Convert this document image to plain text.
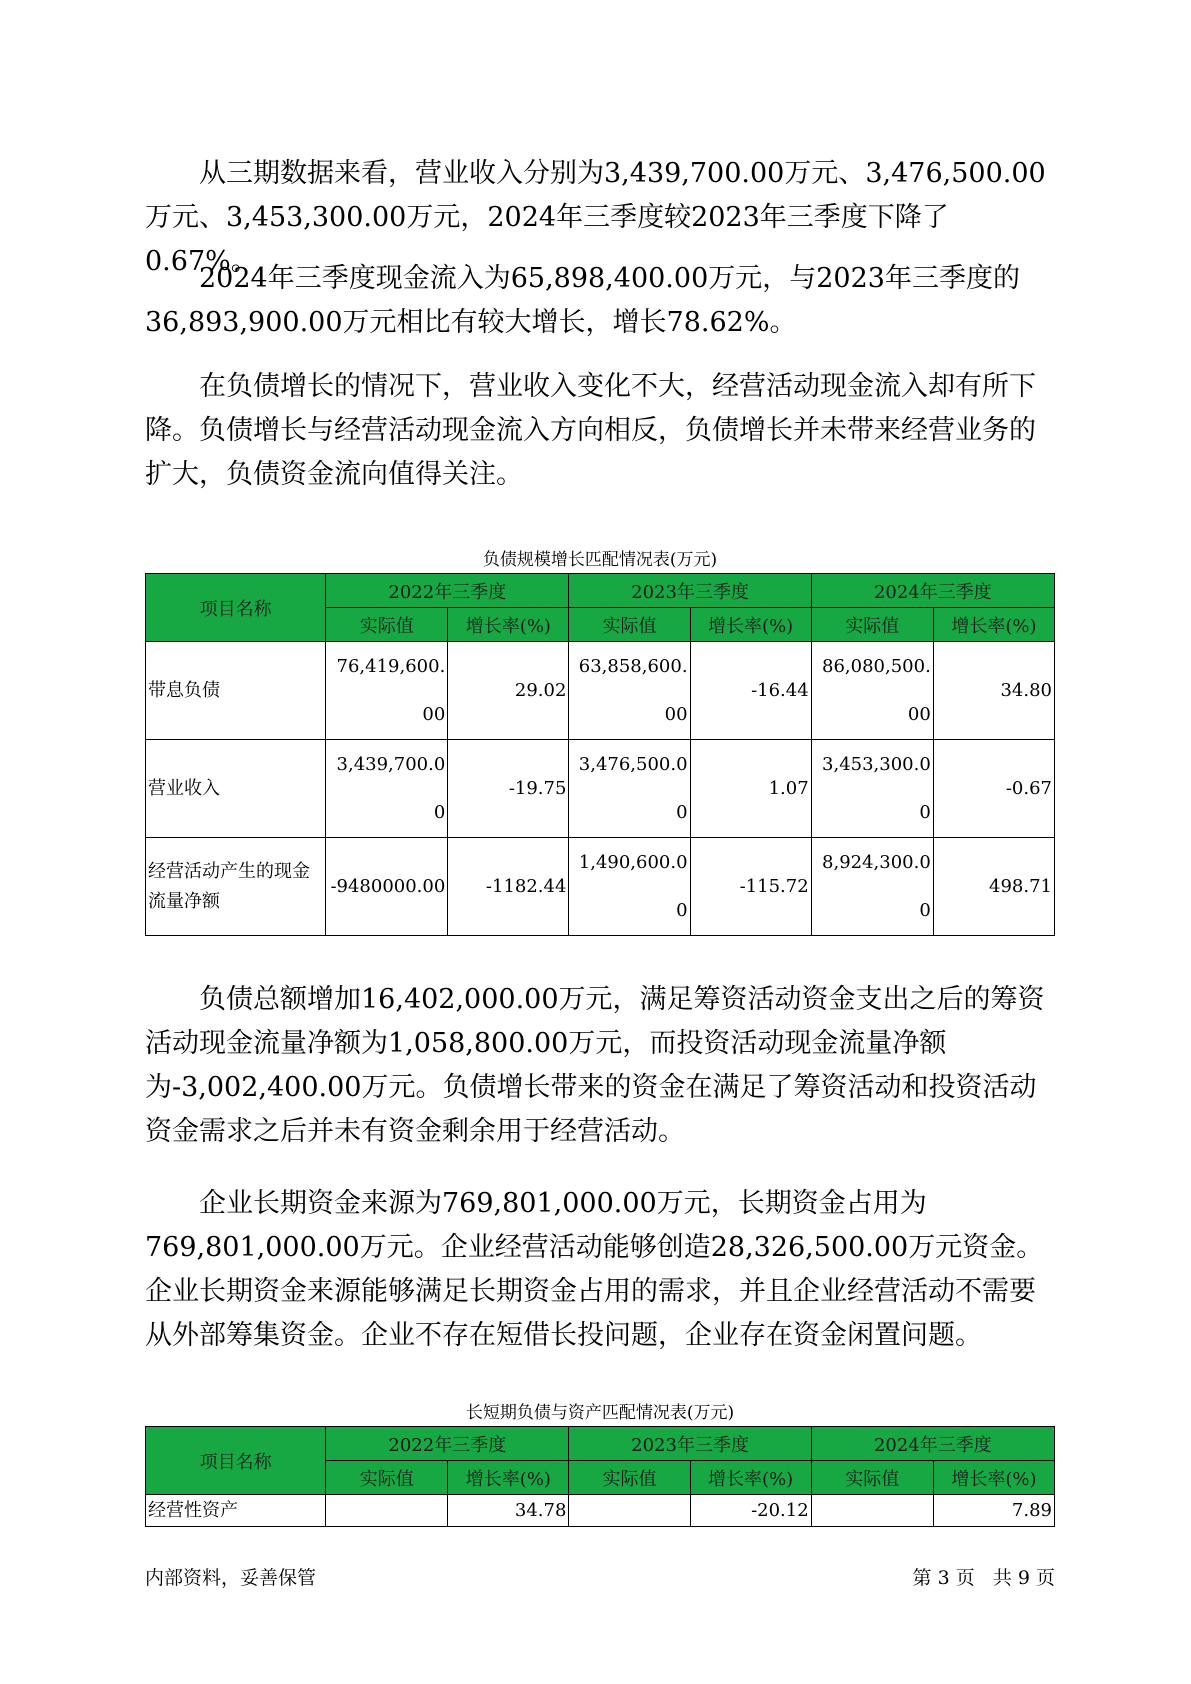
从三期数据来看，营业收入分别为3,439,700.00万元、3,476,500.00万元、3,453,300.00万元，2024年三季度较2023年三季度下降了0.67%。

2024年三季度现金流入为65,898,400.00万元，与2023年三季度的36,893,900.00万元相比有较大增长，增长78.62%。

在负债增长的情况下，营业收入变化不大，经营活动现金流入却有所下降。负债增长与经营活动现金流入方向相反，负债增长并未带来经营业务的扩大，负债资金流向值得关注。

负债规模增长匹配情况表(万元)
项目名称	2022年三季度		2023年三季度		2024年三季度	
	实际值	增长率(%)	实际值	增长率(%)	实际值	增长率(%)
带息负债	76,419,600.00	29.02	63,858,600.00	-16.44	86,080,500.00	34.80
营业收入	3,439,700.00	-19.75	3,476,500.00	1.07	3,453,300.00	-0.67
经营活动产生的现金流量净额	-9480000.00	-1182.44	1,490,600.00	-115.72	8,924,300.00	498.71

负债总额增加16,402,000.00万元，满足筹资活动资金支出之后的筹资活动现金流量净额为1,058,800.00万元，而投资活动现金流量净额为-3,002,400.00万元。负债增长带来的资金在满足了筹资活动和投资活动资金需求之后并未有资金剩余用于经营活动。

企业长期资金来源为769,801,000.00万元，长期资金占用为769,801,000.00万元。企业经营活动能够创造28,326,500.00万元资金。企业长期资金来源能够满足长期资金占用的需求，并且企业经营活动不需要从外部筹集资金。企业不存在短借长投问题，企业存在资金闲置问题。

长短期负债与资产匹配情况表(万元)
项目名称	2022年三季度		2023年三季度		2024年三季度	
	实际值	增长率(%)	实际值	增长率(%)	实际值	增长率(%)
经营性资产		34.78		-20.12		7.89
内部资料，妥善保管	第 3 页   共 9 页
